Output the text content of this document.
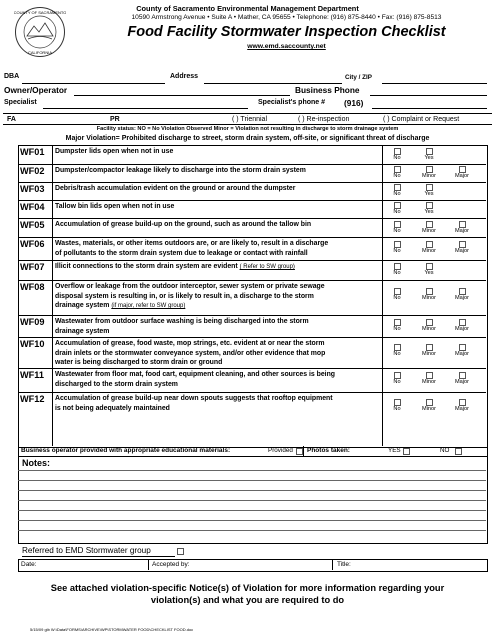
COUNTY OF SACRAMENTO
CALIFORNIA
County of Sacramento Environmental Management Department
10590 Armstrong Avenue • Suite A • Mather, CA 95655 • Telephone: (916) 875-8440 • Fax: (916) 875-8513
Food Facility Stormwater Inspection Checklist
www.emd.saccounty.net
DBA	Address	City / ZIP
Owner/Operator	Business Phone
Specialist	Specialist's phone # (916)
FA	PR	( ) Triennial	( ) Re-inspection	( ) Complaint or Request
Facility status: NO = No Violation Observed Minor = Violation not resulting in discharge to storm drainage system
Major Violation= Prohibited discharge to street, storm drain system, off-site, or significant threat of discharge
WF01 Dumpster lids open when not in use
No	Yes
WF02 Dumpster/compactor leakage likely to discharge into the storm drain system
No	Minor	Major
WF03 Debris/trash accumulation evident on the ground or around the dumpster
No	Yes
WF04 Tallow bin lids open when not in use
No	Yes
WF05 Accumulation of grease build-up on the ground, such as around the tallow bin
No	Minor	Major
WF06 Wastes, materials, or other items outdoors are, or are likely to, result in a discharge
of pollutants to the storm drain system due to leakage or contact with rainfall	No	Minor	Major
WF07 Illicit connections to the storm drain system are evident ( Refer to SW group)
No	Yes
WF08 Overflow or leakage from the outdoor interceptor, sewer system or private sewage
disposal system is resulting in, or is likely to result in, a discharge to the storm
drainage system (if major, refer to SW group)
No	Minor	Major
WF09 Wastewater from outdoor surface washing is being discharged into the storm
drainage system	No	Minor	Major
WF10 Accumulation of grease, food waste, mop strings, etc. evident at or near the storm
drain inlets or the stormwater conveyance system, and/or other evidence that mop
water is being discharged to storm drain or ground
No	Minor	Major
WF11 Wastewater from floor mat, food cart, equipment cleaning, and other sources is being
discharged to the storm drain system	No	Minor	Major
WF12 Accumulation of grease build-up near down spouts suggests that rooftop equipment
is not being adequately maintained	No	Minor	Major
Business operator provided with appropriate educational materials:	Provided Photos taken:	YES	NO
Notes:
Referred to EMD Stormwater group
Date:	Accepted by:	Title:
See attached violation-specific Notice(s) of Violation for more information regarding your
violation(s) and what you are required to do
5/15/09 glb W:\Data\FORMS\ARCHIVE\WP\STORMWATER FOOD\CHECKLIST FOOD.doc
